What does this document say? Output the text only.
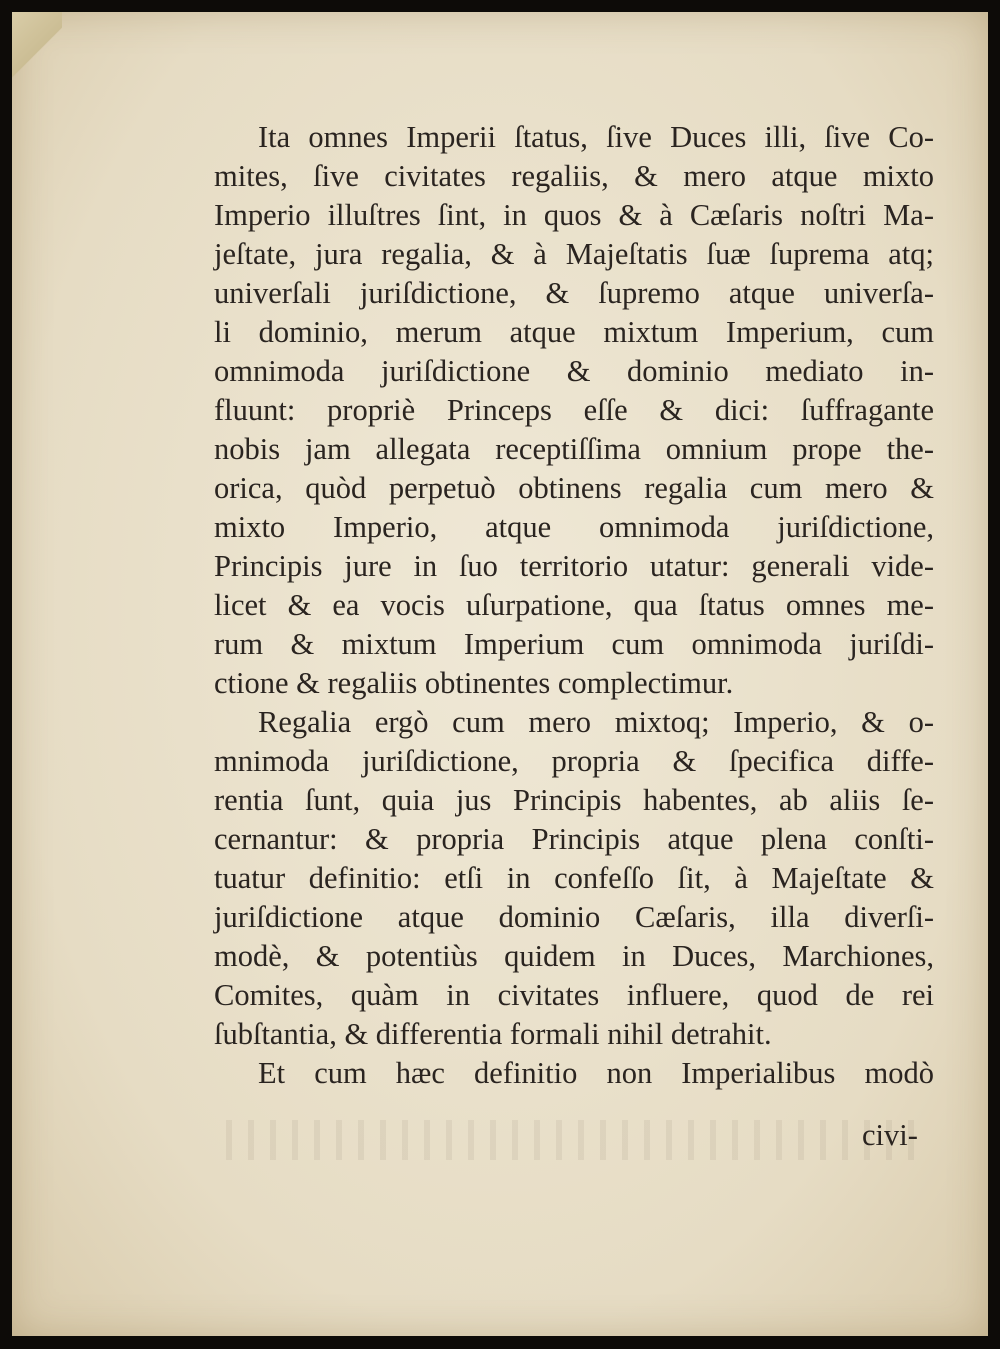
Ita omnes Imperii ſtatus, ſive Duces illi, ſive Co-
mites, ſive civitates regaliis, & mero atque mixto
Imperio illuſtres ſint, in quos & à Cæſaris noſtri Ma-
jeſtate, jura regalia, & à Majeſtatis ſuæ ſuprema atq;
univerſali juriſdictione, & ſupremo atque univerſa-
li dominio, merum atque mixtum Imperium, cum
omnimoda juriſdictione & dominio mediato in-
fluunt: propriè Princeps eſſe & dici: ſuffragante
nobis jam allegata receptiſſima omnium prope the-
orica, quòd perpetuò obtinens regalia cum mero &
mixto Imperio, atque omnimoda juriſdictione,
Principis jure in ſuo territorio utatur: generali vide-
licet & ea vocis uſurpatione, qua ſtatus omnes me-
rum & mixtum Imperium cum omnimoda juriſdi-
ctione & regaliis obtinentes complectimur.
Regalia ergò cum mero mixtoq; Imperio, & o-
mnimoda juriſdictione, propria & ſpecifica diffe-
rentia ſunt, quia jus Principis habentes, ab aliis ſe-
cernantur: & propria Principis atque plena conſti-
tuatur definitio: etſi in confeſſo ſit, à Majeſtate &
juriſdictione atque dominio Cæſaris, illa diverſi-
modè, & potentiùs quidem in Duces, Marchiones,
Comites, quàm in civitates influere, quod de rei
ſubſtantia, & differentia formali nihil detrahit.
Et cum hæc definitio non Imperialibus modò
civi-
